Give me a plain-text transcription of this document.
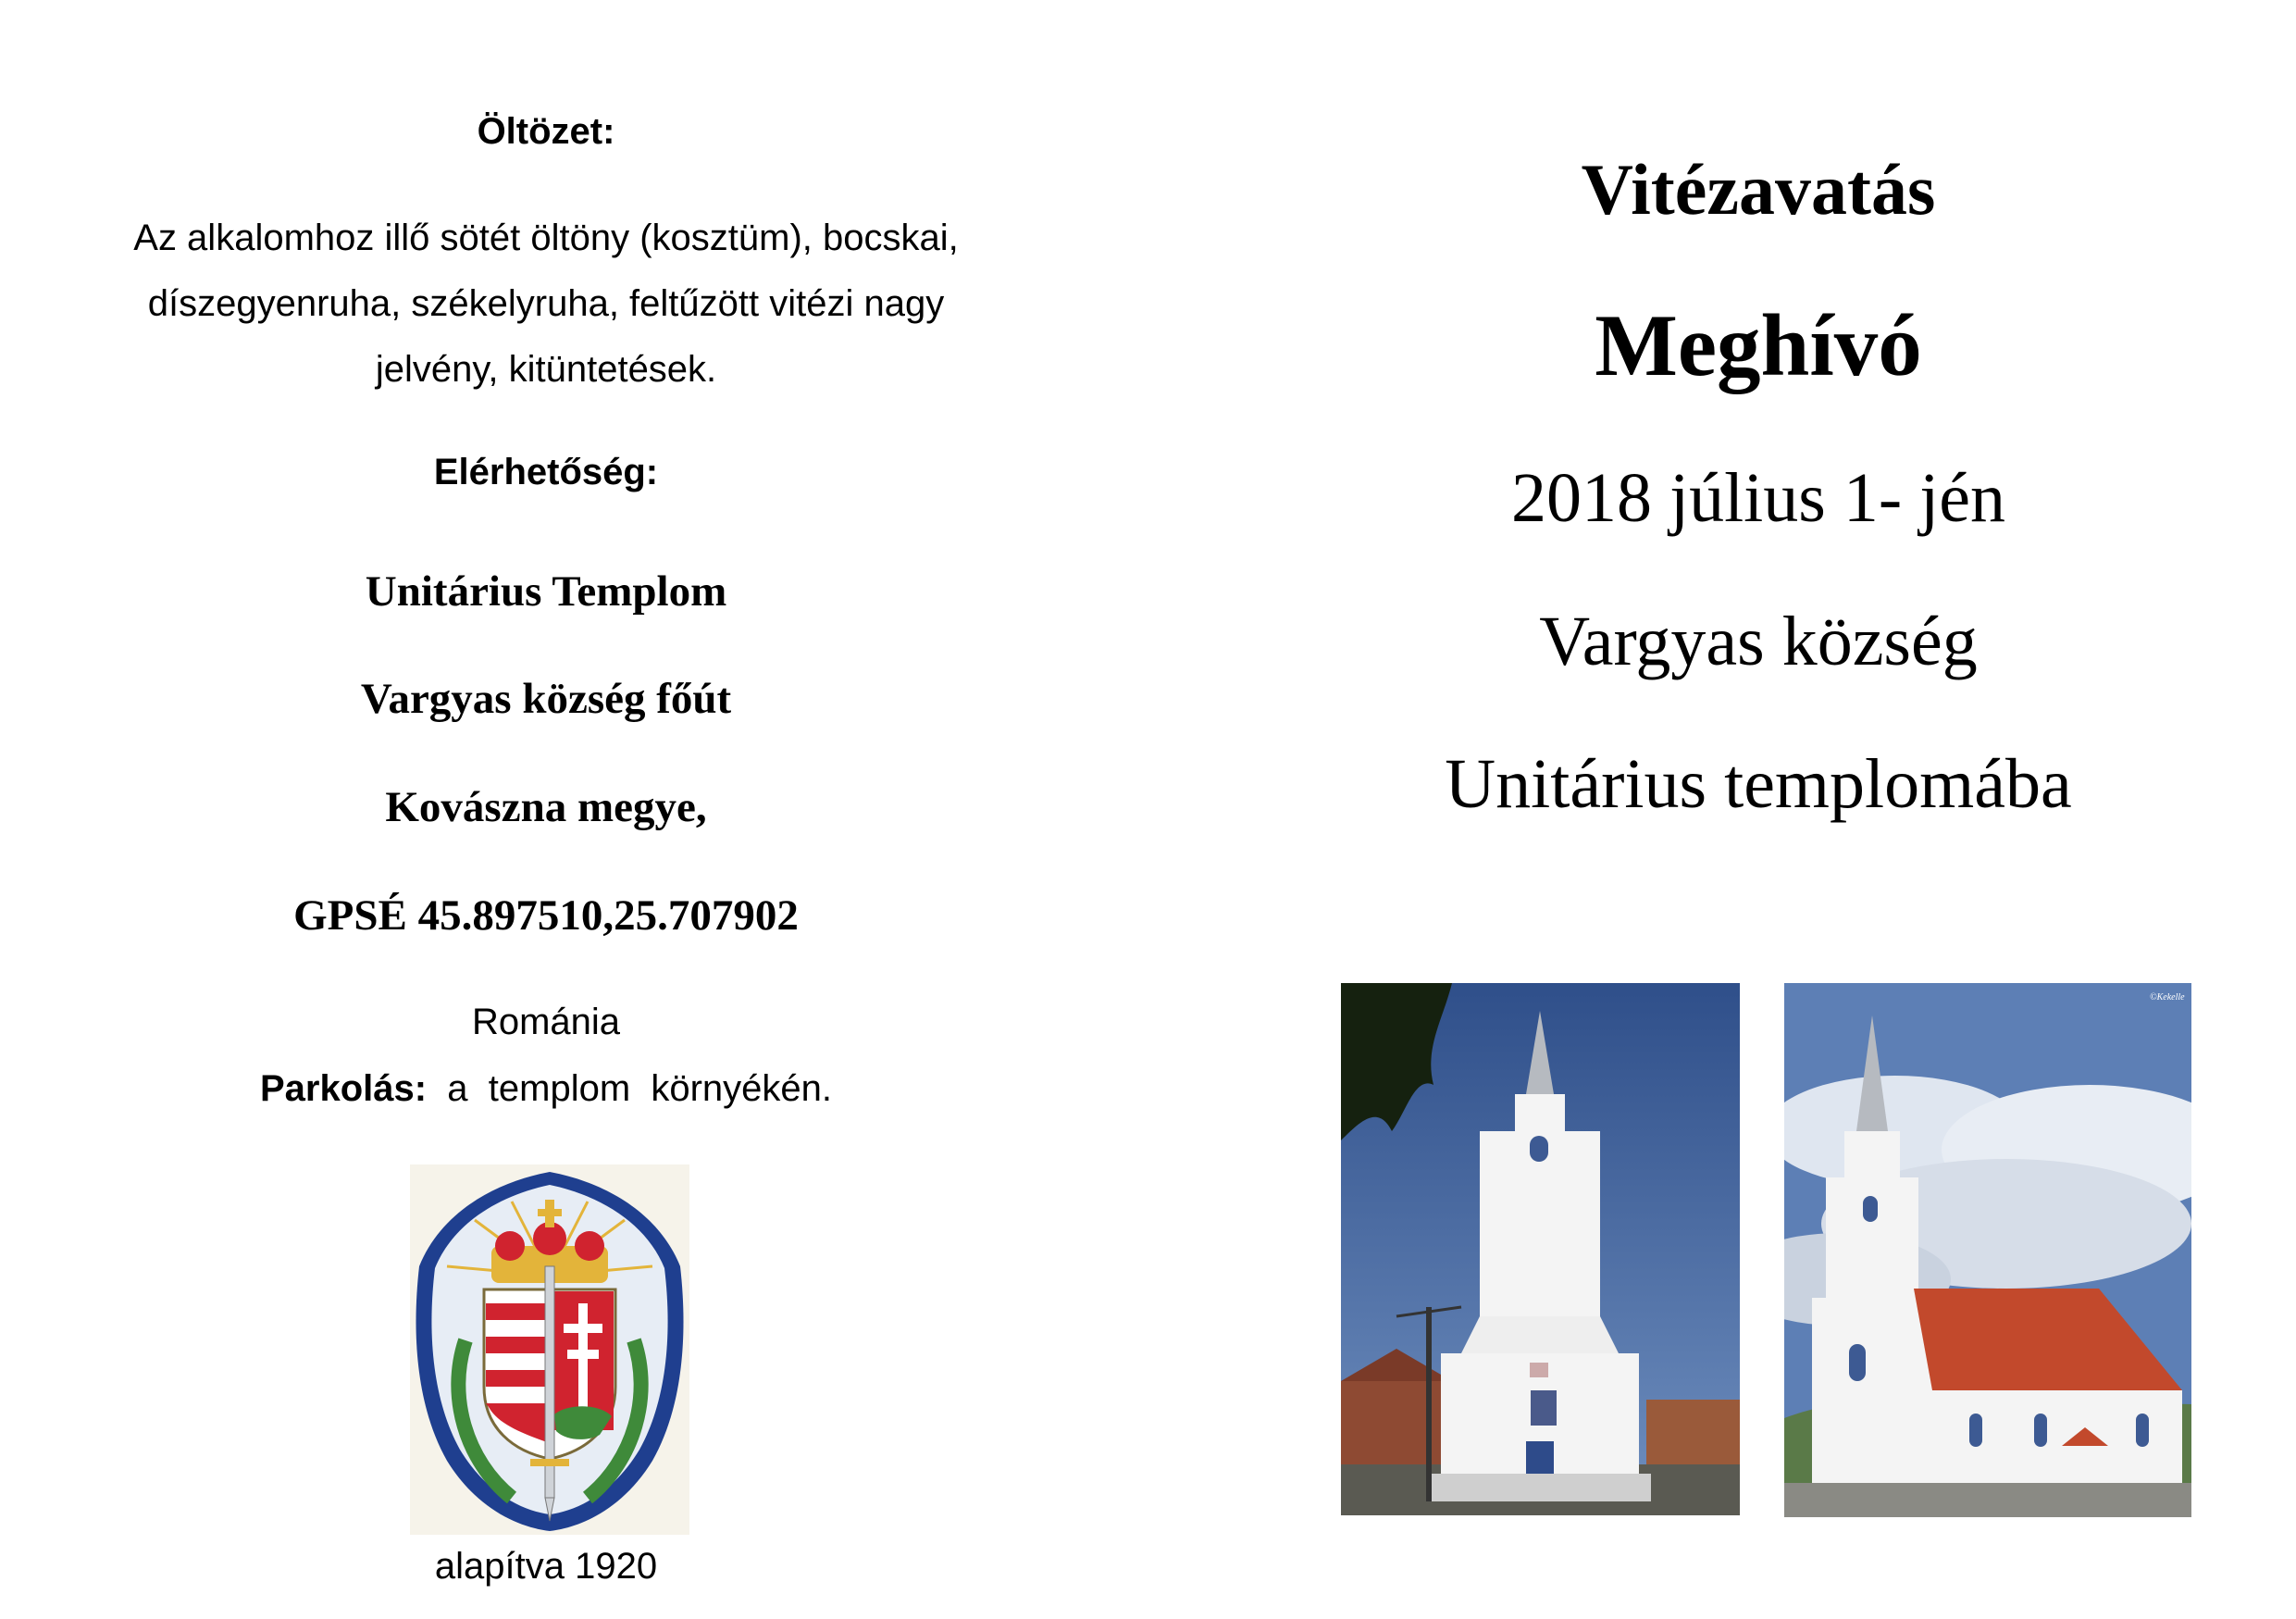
Öltözet:
Az alkalomhoz illő sötét öltöny (kosztüm), bocskai,
díszegyenruha, székelyruha, feltűzött vitézi nagy
jelvény, kitüntetések.
Elérhetőség:
Unitárius Templom
Vargyas község főút
Kovászna megye,
GPSÉ 45.897510,25.707902
Románia
Parkolás:  a  templom  környékén.
alapítva 1920
Vitézavatás
Meghívó
2018 július 1- jén
Vargyas község
Unitárius templomába
©Kekelle
